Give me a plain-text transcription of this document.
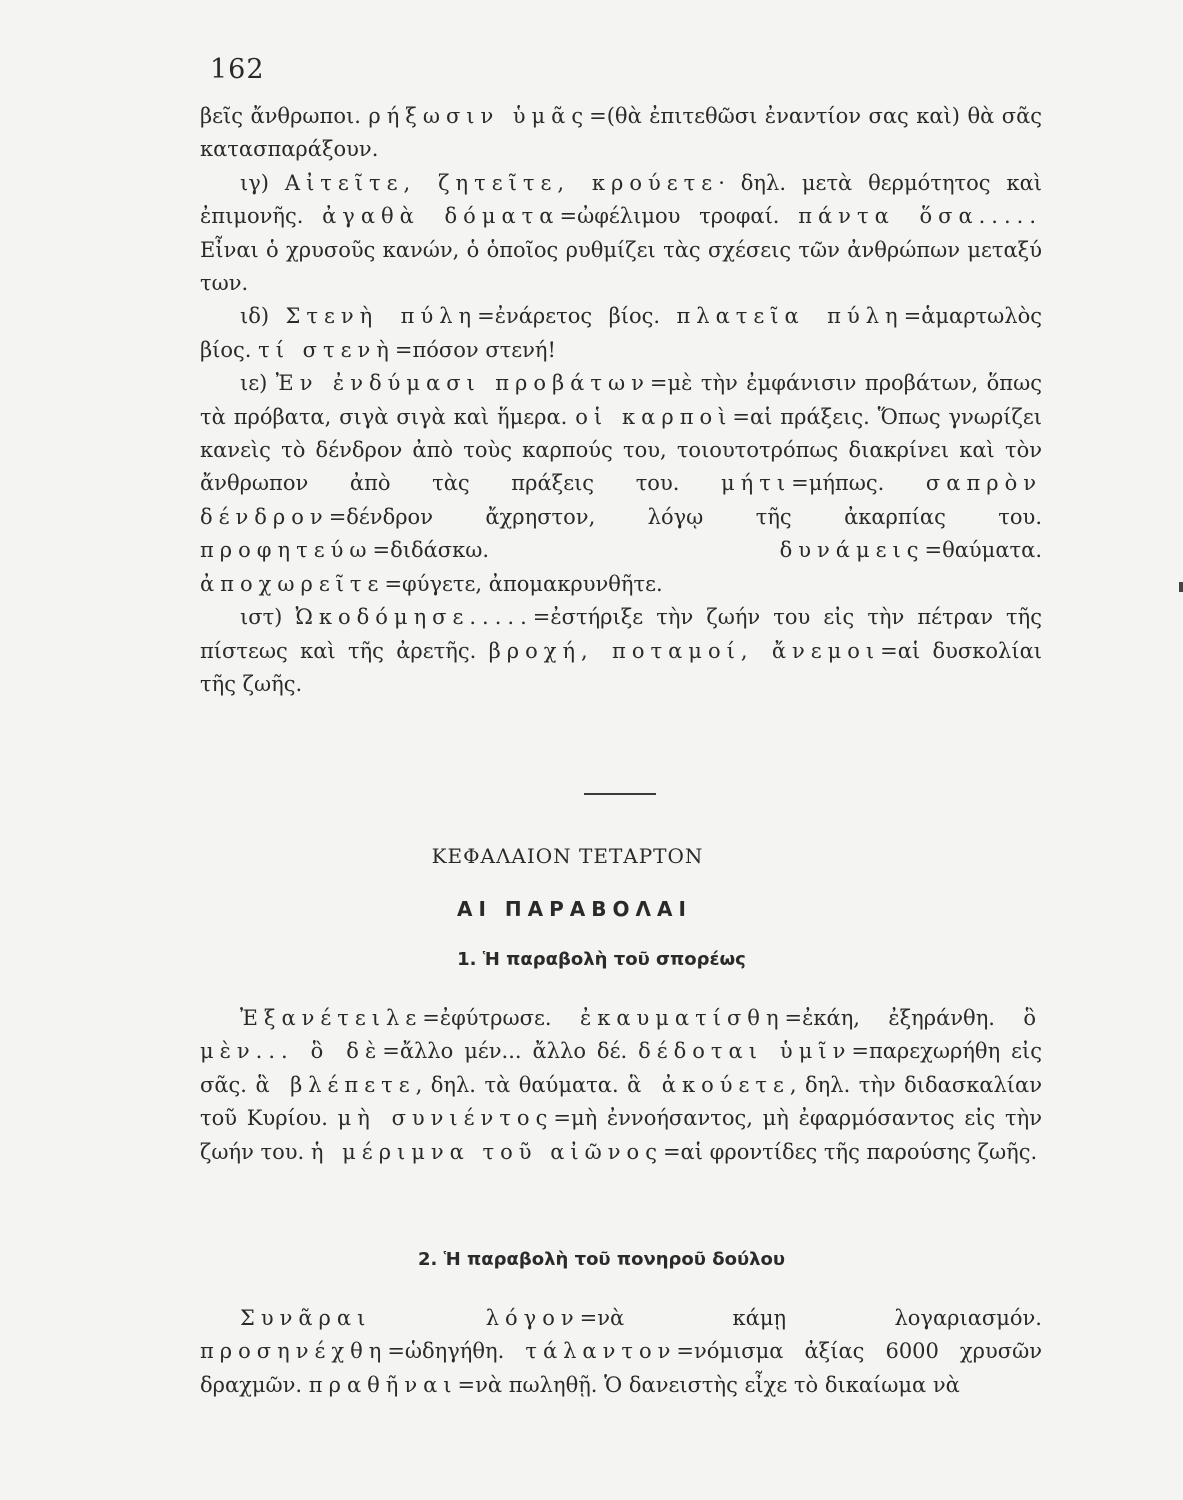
162

βεῖς ἄνθρωποι. ρήξωσιν ὑμᾶς=(θὰ ἐπιτεθῶσι ἐναντίον σας καὶ) θὰ σᾶς κατασπαράξουν.

ιγ) Αἰτεῖτε, ζητεῖτε, κρούετε· δηλ. μετὰ θερμότητος καὶ ἐπιμονῆς. ἀγαθὰ δόματα=ὠφέλιμου τροφαί. πάντα ὅσα..... Εἶναι ὁ χρυσοῦς κανών, ὁ ὁποῖος ρυθμίζει τὰς σχέσεις τῶν ἀνθρώπων μεταξύ των.

ιδ) Στενὴ πύλη=ἐνάρετος βίος. πλατεῖα πύλη=ἁμαρτωλὸς βίος. τί στενὴ=πόσον στενή!

ιε) Ἐν ἐνδύμασι προβάτων=μὲ τὴν ἐμφάνισιν προβάτων, ὅπως τὰ πρόβατα, σιγὰ σιγὰ καὶ ἥμερα. οἱ καρποὶ=αἱ πράξεις. Ὅπως γνωρίζει κανεὶς τὸ δένδρον ἀπὸ τοὺς καρπούς του, τοιουτοτρόπως διακρίνει καὶ τὸν ἄνθρωπον ἀπὸ τὰς πράξεις του. μήτι=μήπως. σαπρὸν δένδρον=δένδρον ἄχρηστον, λόγῳ τῆς ἀκαρπίας του. προφητεύω=διδάσκω. δυνάμεις=θαύματα. ἀποχωρεῖτε=φύγετε, ἀπομακρυνθῆτε.

ιστ) Ὠκοδόμησε.....=ἐστήριξε τὴν ζωήν του εἰς τὴν πέτραν τῆς πίστεως καὶ τῆς ἀρετῆς. βροχή, ποταμοί, ἄνεμοι=αἱ δυσκολίαι τῆς ζωῆς.

ΚΕΦΑΛΑΙΟΝ ΤΕΤΑΡΤΟΝ
ΑΙ ΠΑΡΑΒΟΛΑΙ
1. Ἡ παραβολὴ τοῦ σπορέως

Ἐξανέτειλε=ἐφύτρωσε. ἐκαυματίσθη=ἐκάη, ἐξηράνθη. ὃ μὲν... ὃ δὲ=ἄλλο μέν... ἄλλο δέ. δέδοται ὑμῖν=παρεχωρήθη εἰς σᾶς. ἃ βλέπετε, δηλ. τὰ θαύματα. ἃ ἀκούετε, δηλ. τὴν διδασκαλίαν τοῦ Κυρίου. μὴ συνιέντος=μὴ ἐννοήσαντος, μὴ ἐφαρμόσαντος εἰς τὴν ζωήν του. ἡ μέριμνα τοῦ αἰῶνος=αἱ φροντίδες τῆς παρούσης ζωῆς.

2. Ἡ παραβολὴ τοῦ πονηροῦ δούλου

Συνᾶραι λόγον=νὰ κάμῃ λογαριασμόν. προσηνέχθη=ὡδηγήθη. τάλαντον=νόμισμα ἀξίας 6000 χρυσῶν δραχμῶν. πραθῆναι=νὰ πωληθῇ. Ὁ δανειστὴς εἶχε τὸ δικαίωμα νὰ
